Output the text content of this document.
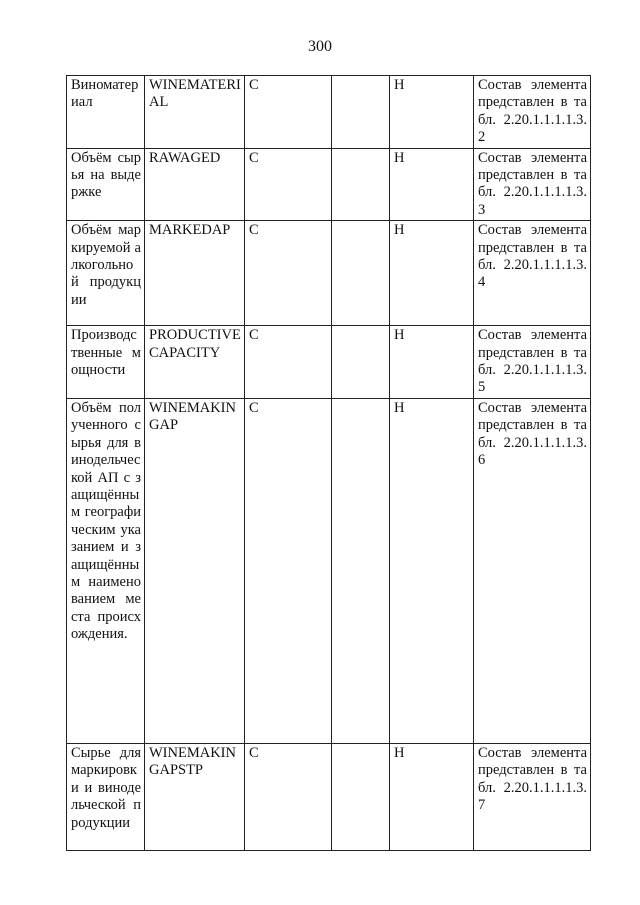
300
Виноматериал	WINEMATERIAL	С		Н	Состав элемента представлен в табл. 2.20.1.1.1.1.3.2
Объём сырья на выдержке	RAWAGED	С		Н	Состав элемента представлен в табл. 2.20.1.1.1.1.3.3
Объём маркируемой алкогольной продукции	MARKEDAP	С		Н	Состав элемента представлен в табл. 2.20.1.1.1.1.3.4
Производственные мощности	PRODUCTIVECAPACITY	С		Н	Состав элемента представлен в табл. 2.20.1.1.1.1.3.5
Объём полученного сырья для винодельческой АП с защищённым географическим указанием и защищённым наименованием места происхождения.	WINEMAKINGAP	С		Н	Состав элемента представлен в табл. 2.20.1.1.1.1.3.6
Сырье для маркировки и винодельческой продукции	WINEMAKINGAPSTP	С		Н	Состав элемента представлен в табл. 2.20.1.1.1.1.3.7
